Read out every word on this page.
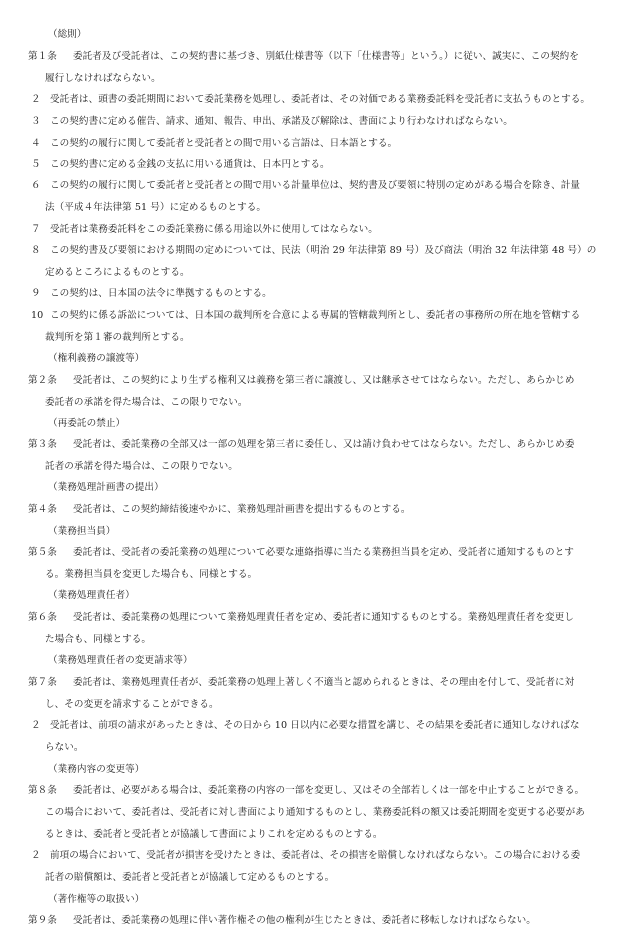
（総則）
第１条 委託者及び受託者は、この契約書に基づき、別紙仕様書等（以下「仕様書等」という。）に従い、誠実に、この契約を
履行しなければならない。
２ 受託者は、頭書の委託期間において委託業務を処理し、委託者は、その対価である業務委託料を受託者に支払うものとする。
３ この契約書に定める催告、請求、通知、報告、申出、承諾及び解除は、書面により行わなければならない。
４ この契約の履行に関して委託者と受託者との間で用いる言語は、日本語とする。
５ この契約書に定める金銭の支払に用いる通貨は、日本円とする。
６ この契約の履行に関して委託者と受託者との間で用いる計量単位は、契約書及び要領に特別の定めがある場合を除き、計量
法（平成４年法律第 51 号）に定めるものとする。
７ 受託者は業務委託料をこの委託業務に係る用途以外に使用してはならない。
８ この契約書及び要領における期間の定めについては、民法（明治 29 年法律第 89 号）及び商法（明治 32 年法律第 48 号）の
定めるところによるものとする。
９ この契約は、日本国の法令に準拠するものとする。
10 この契約に係る訴訟については、日本国の裁判所を合意による専属的管轄裁判所とし、委託者の事務所の所在地を管轄する
裁判所を第１審の裁判所とする。
（権利義務の譲渡等）
第２条 受託者は、この契約により生ずる権利又は義務を第三者に譲渡し、又は継承させてはならない。ただし、あらかじめ
委託者の承諾を得た場合は、この限りでない。
（再委託の禁止）
第３条 受託者は、委託業務の全部又は一部の処理を第三者に委任し、又は請け負わせてはならない。ただし、あらかじめ委
託者の承諾を得た場合は、この限りでない。
（業務処理計画書の提出）
第４条 受託者は、この契約締結後速やかに、業務処理計画書を提出するものとする。
（業務担当員）
第５条 委託者は、受託者の委託業務の処理について必要な連絡指導に当たる業務担当員を定め、受託者に通知するものとす
る。業務担当員を変更した場合も、同様とする。
（業務処理責任者）
第６条 受託者は、委託業務の処理について業務処理責任者を定め、委託者に通知するものとする。業務処理責任者を変更し
た場合も、同様とする。
（業務処理責任者の変更請求等）
第７条 委託者は、業務処理責任者が、委託業務の処理上著しく不適当と認められるときは、その理由を付して、受託者に対
し、その変更を請求することができる。
２ 受託者は、前項の請求があったときは、その日から 10 日以内に必要な措置を講じ、その結果を委託者に通知しなければな
らない。
（業務内容の変更等）
第８条 委託者は、必要がある場合は、委託業務の内容の一部を変更し、又はその全部若しくは一部を中止することができる。
この場合において、委託者は、受託者に対し書面により通知するものとし、業務委託料の額又は委託期間を変更する必要があ
るときは、委託者と受託者とが協議して書面によりこれを定めるものとする。
２ 前項の場合において、受託者が損害を受けたときは、委託者は、その損害を賠償しなければならない。この場合における委
託者の賠償額は、委託者と受託者とが協議して定めるものとする。
（著作権等の取扱い）
第９条 受託者は、委託業務の処理に伴い著作権その他の権利が生じたときは、委託者に移転しなければならない。
